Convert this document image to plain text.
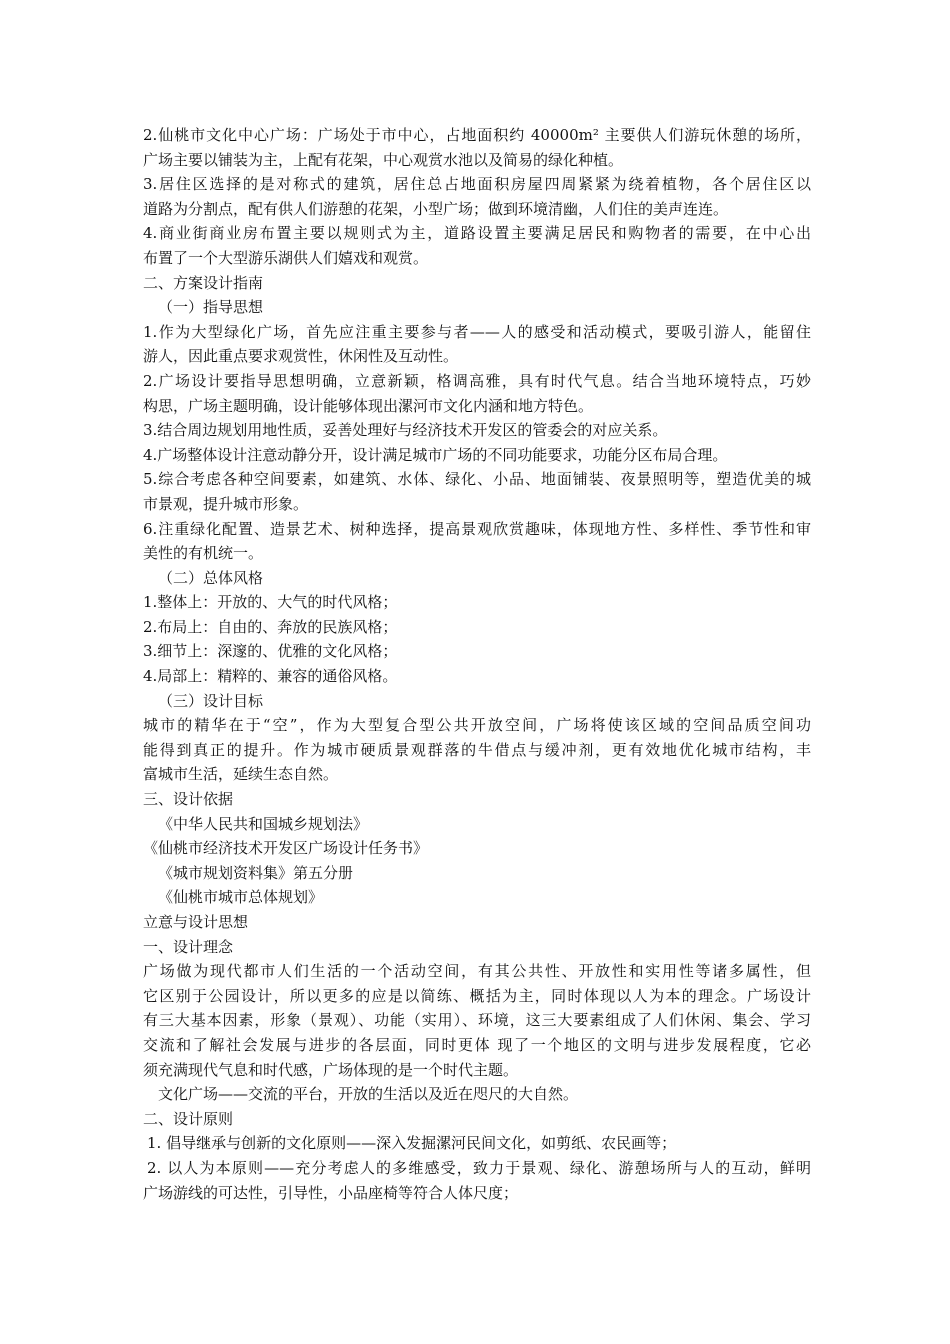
2.仙桃市文化中心广场：广场处于市中心，占地面积约 40000m² 主要供人们游玩休憩的场所，
广场主要以铺装为主，上配有花架，中心观赏水池以及简易的绿化种植。
3.居住区选择的是对称式的建筑，居住总占地面积房屋四周紧紧为绕着植物，各个居住区以
道路为分割点，配有供人们游憩的花架，小型广场；做到环境清幽，人们住的美声连连。
4.商业街商业房布置主要以规则式为主，道路设置主要满足居民和购物者的需要，在中心出
布置了一个大型游乐湖供人们嬉戏和观赏。
二、方案设计指南
（一）指导思想
1.作为大型绿化广场，首先应注重主要参与者——人的感受和活动模式，要吸引游人，能留住
游人，因此重点要求观赏性，休闲性及互动性。
2.广场设计要指导思想明确，立意新颖，格调高雅，具有时代气息。结合当地环境特点，巧妙
构思，广场主题明确，设计能够体现出漯河市文化内涵和地方特色。
3.结合周边规划用地性质，妥善处理好与经济技术开发区的管委会的对应关系。
4.广场整体设计注意动静分开，设计满足城市广场的不同功能要求，功能分区布局合理。
5.综合考虑各种空间要素，如建筑、水体、绿化、小品、地面铺装、夜景照明等，塑造优美的城
市景观，提升城市形象。
6.注重绿化配置、造景艺术、树种选择，提高景观欣赏趣味，体现地方性、多样性、季节性和审
美性的有机统一。
（二）总体风格
1.整体上：开放的、大气的时代风格；
2.布局上：自由的、奔放的民族风格；
3.细节上：深邃的、优雅的文化风格；
4.局部上：精粹的、兼容的通俗风格。
（三）设计目标
城市的精华在于“空”，作为大型复合型公共开放空间，广场将使该区域的空间品质空间功
能得到真正的提升。作为城市硬质景观群落的牛借点与缓冲剂，更有效地优化城市结构，丰
富城市生活，延续生态自然。
三、设计依据
《中华人民共和国城乡规划法》
《仙桃市经济技术开发区广场设计任务书》
《城市规划资料集》第五分册
《仙桃市城市总体规划》
立意与设计思想
一、设计理念
广场做为现代都市人们生活的一个活动空间，有其公共性、开放性和实用性等诸多属性，但
它区别于公园设计，所以更多的应是以简练、概括为主，同时体现以人为本的理念。广场设计
有三大基本因素，形象（景观）、功能（实用）、环境，这三大要素组成了人们休闲、集会、学习
交流和了解社会发展与进步的各层面，同时更体 现了一个地区的文明与进步发展程度，它必
须充满现代气息和时代感，广场体现的是一个时代主题。
文化广场——交流的平台，开放的生活以及近在咫尺的大自然。
二、设计原则
1. 倡导继承与创新的文化原则——深入发掘漯河民间文化，如剪纸、农民画等；
2. 以人为本原则——充分考虑人的多维感受，致力于景观、绿化、游憩场所与人的互动，鲜明
广场游线的可达性，引导性，小品座椅等符合人体尺度；
